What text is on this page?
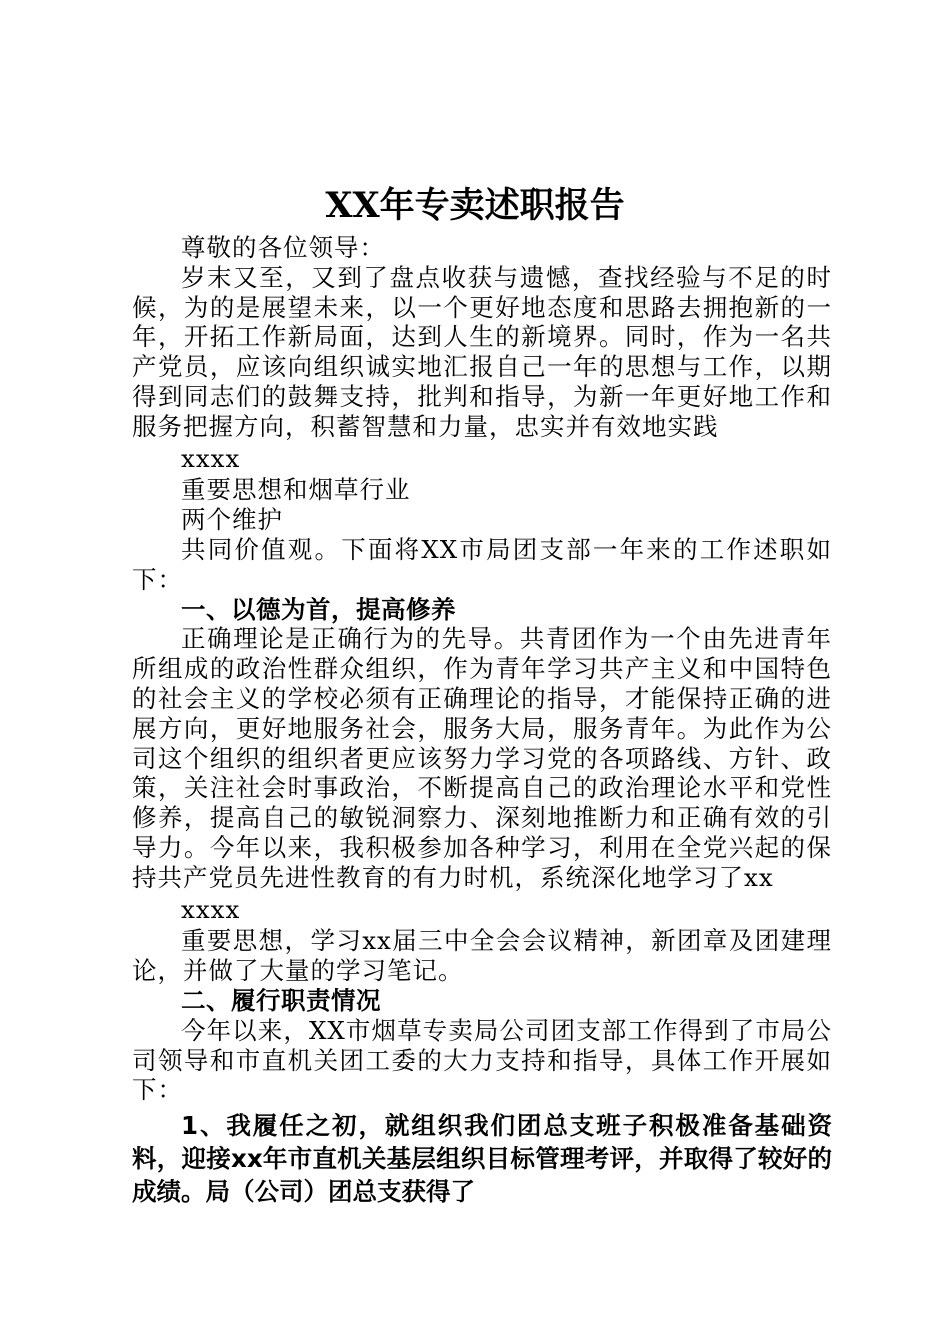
XX年专卖述职报告

尊敬的各位领导：

岁末又至，又到了盘点收获与遗憾，查找经验与不足的时候，为的是展望未来，以一个更好地态度和思路去拥抱新的一年，开拓工作新局面，达到人生的新境界。同时，作为一名共产党员，应该向组织诚实地汇报自己一年的思想与工作，以期得到同志们的鼓舞支持，批判和指导，为新一年更好地工作和服务把握方向，积蓄智慧和力量，忠实并有效地实践

xxxx

重要思想和烟草行业

两个维护

共同价值观。下面将XX市局团支部一年来的工作述职如下：

一、以德为首，提高修养

正确理论是正确行为的先导。共青团作为一个由先进青年所组成的政治性群众组织，作为青年学习共产主义和中国特色的社会主义的学校必须有正确理论的指导，才能保持正确的进展方向，更好地服务社会，服务大局，服务青年。为此作为公司这个组织的组织者更应该努力学习党的各项路线、方针、政策，关注社会时事政治，不断提高自己的政治理论水平和党性修养，提高自己的敏锐洞察力、深刻地推断力和正确有效的引导力。今年以来，我积极参加各种学习，利用在全党兴起的保持共产党员先进性教育的有力时机，系统深化地学习了xx

xxxx

重要思想，学习xx届三中全会会议精神，新团章及团建理论，并做了大量的学习笔记。

二、履行职责情况

今年以来，XX市烟草专卖局公司团支部工作得到了市局公司领导和市直机关团工委的大力支持和指导，具体工作开展如下：

1、我履任之初，就组织我们团总支班子积极准备基础资料，迎接xx年市直机关基层组织目标管理考评，并取得了较好的成绩。局（公司）团总支获得了
